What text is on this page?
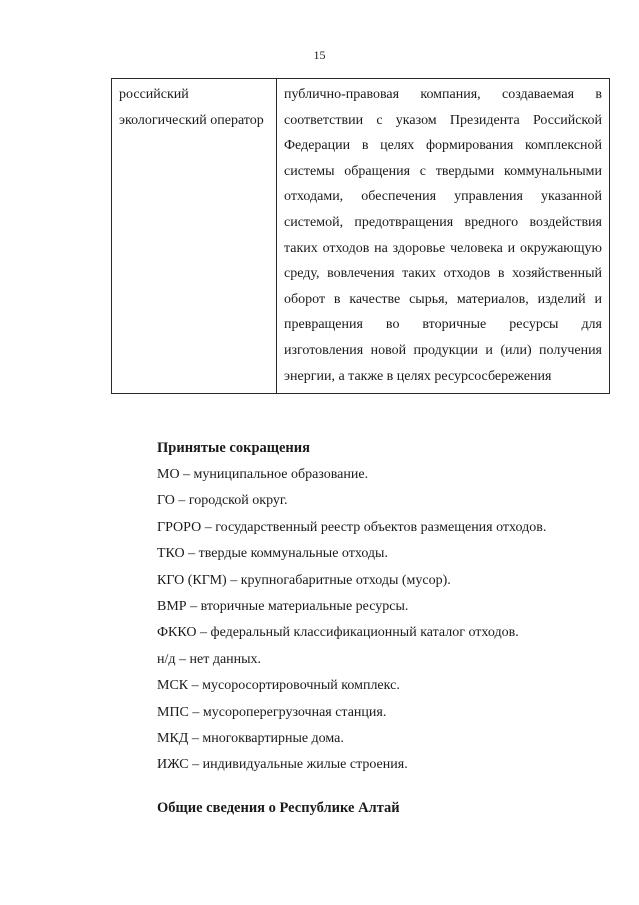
15
российский экологический оператор	публично-правовая компания, создаваемая в соответствии с указом Президента Российской Федерации в целях формирования комплексной системы обращения с твердыми коммунальными отходами, обеспечения управления указанной системой, предотвращения вредного воздействия таких отходов на здоровье человека и окружающую среду, вовлечения таких отходов в хозяйственный оборот в качестве сырья, материалов, изделий и превращения во вторичные ресурсы для изготовления новой продукции и (или) получения энергии, а также в целях ресурсосбережения
Принятые сокращения
МО – муниципальное образование.
ГО – городской округ.
ГРОРО – государственный реестр объектов размещения отходов.
ТКО – твердые коммунальные отходы.
КГО (КГМ) – крупногабаритные отходы (мусор).
ВМР – вторичные материальные ресурсы.
ФККО – федеральный классификационный каталог отходов.
н/д – нет данных.
МСК – мусоросортировочный комплекс.
МПС – мусороперегрузочная станция.
МКД – многоквартирные дома.
ИЖС – индивидуальные жилые строения.
Общие сведения о Республике Алтай
